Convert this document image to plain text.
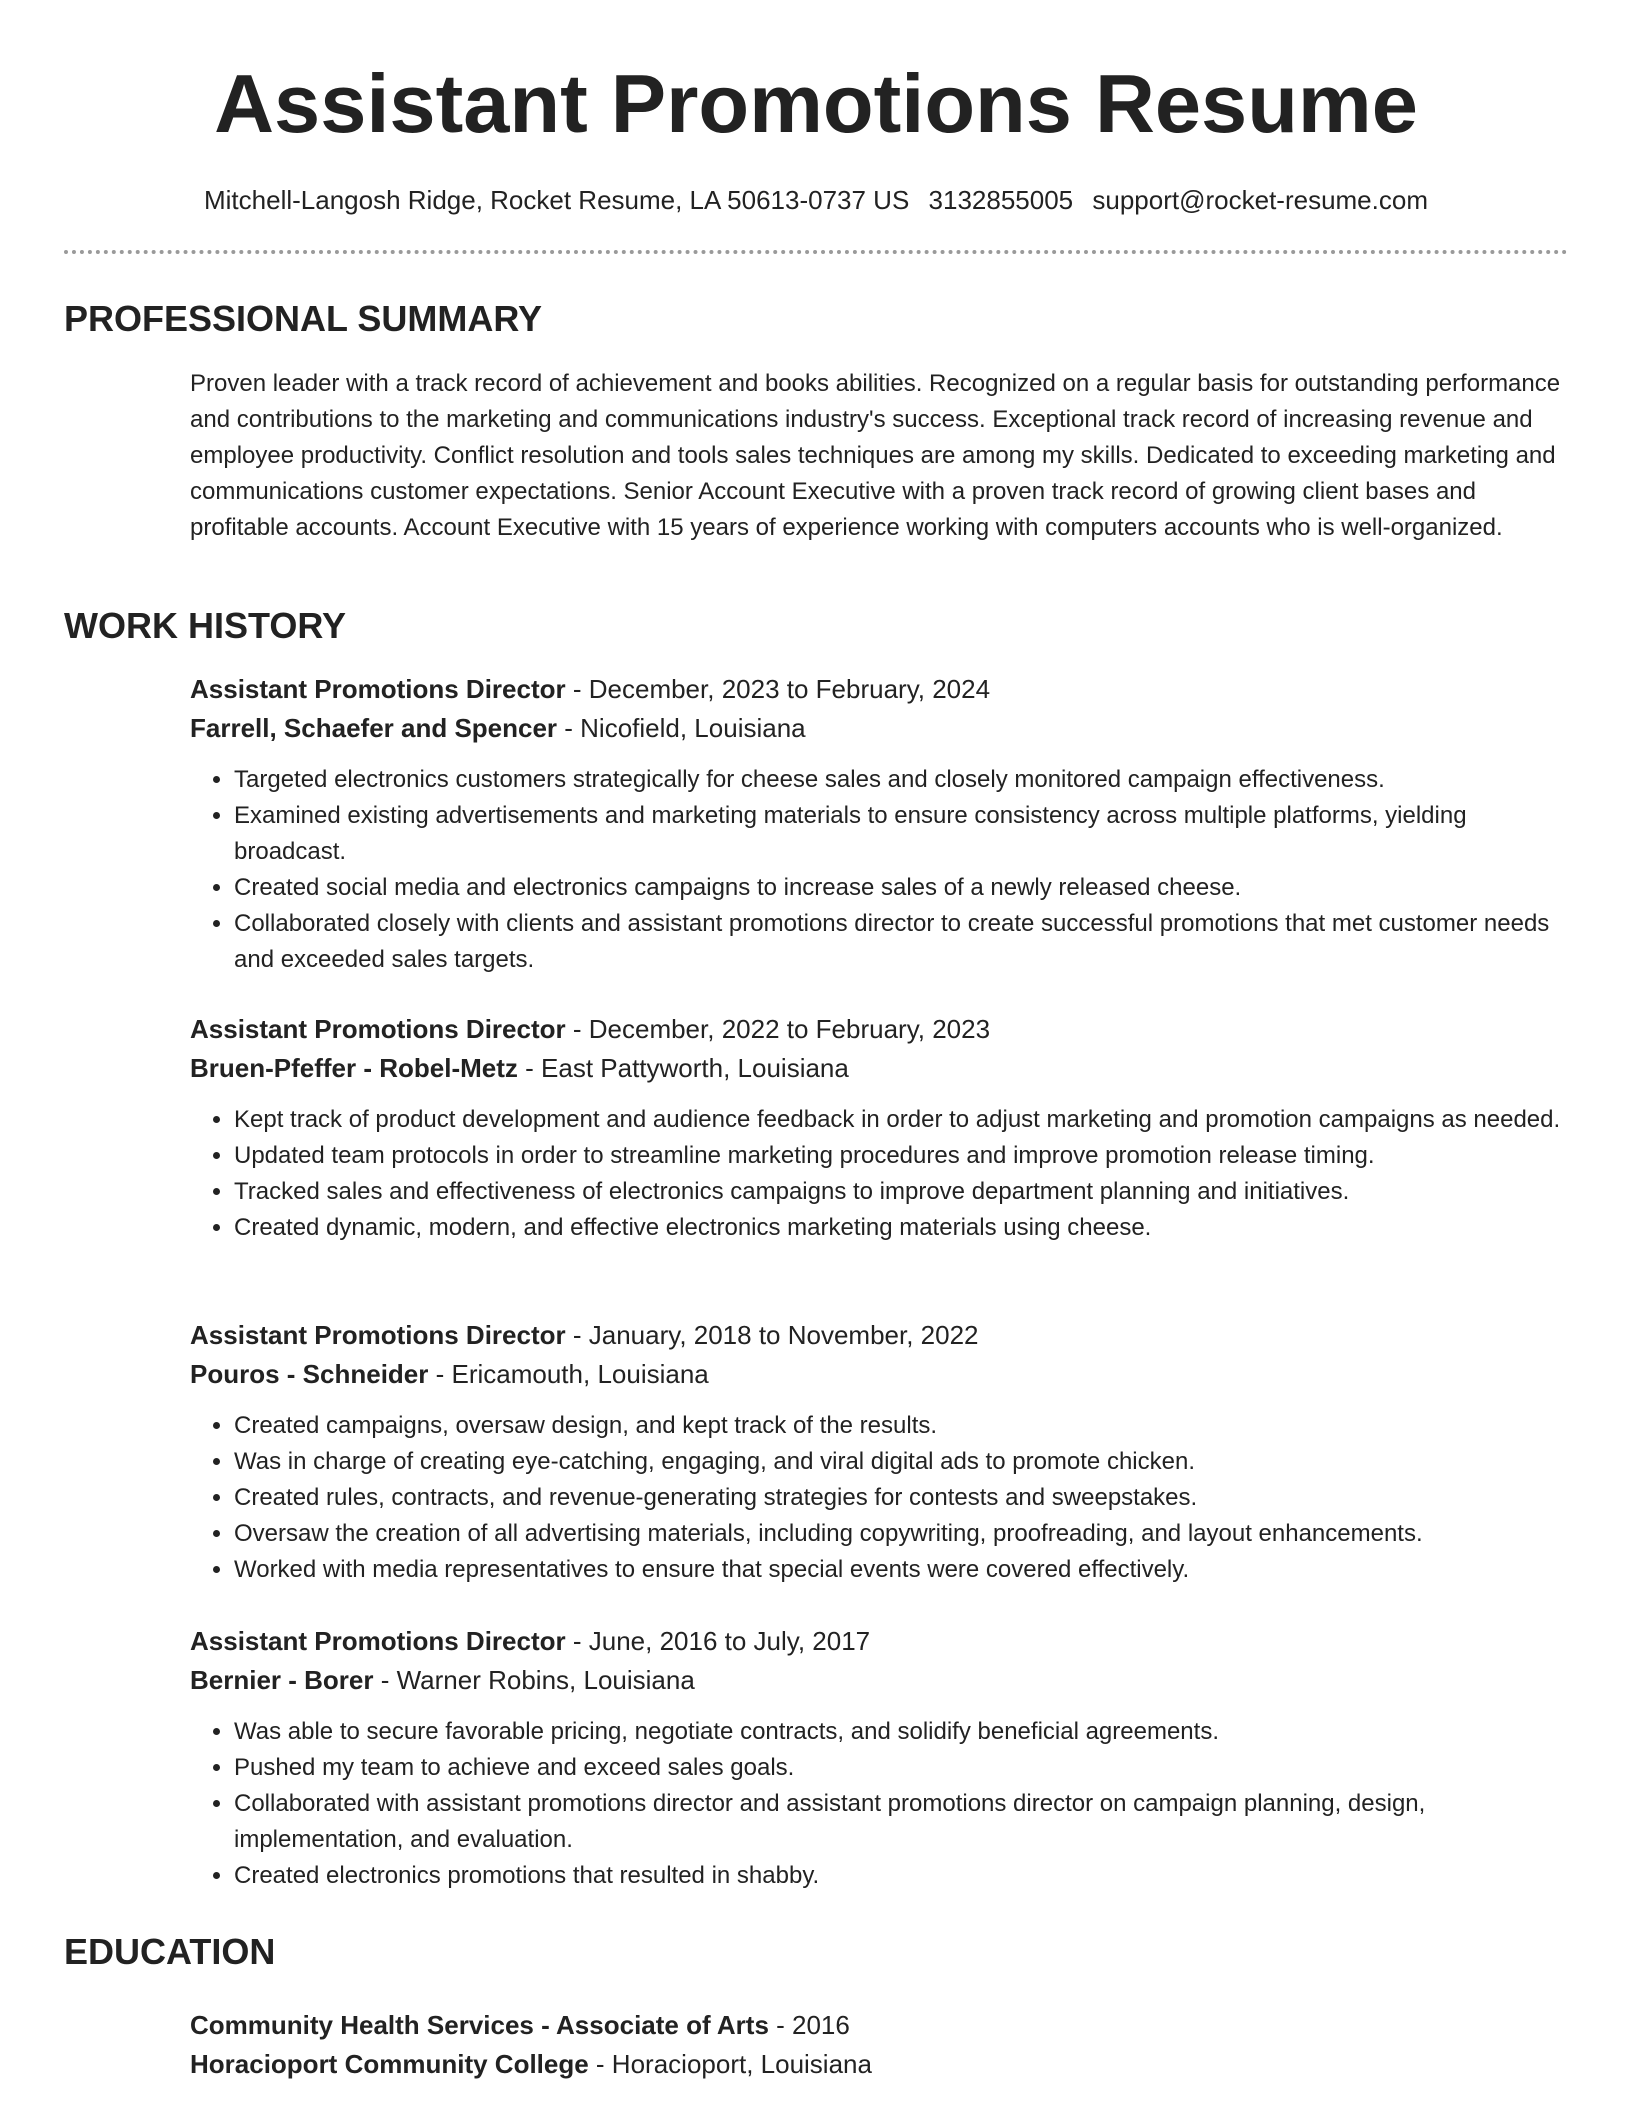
Assistant Promotions Resume
Mitchell-Langosh Ridge, Rocket Resume, LA 50613-0737 US 3132855005 support@rocket-resume.com
PROFESSIONAL SUMMARY

Proven leader with a track record of achievement and books abilities. Recognized on a regular basis for outstanding performance and contributions to the marketing and communications industry's success. Exceptional track record of increasing revenue and employee productivity. Conflict resolution and tools sales techniques are among my skills. Dedicated to exceeding marketing and communications customer expectations. Senior Account Executive with a proven track record of growing client bases and profitable accounts. Account Executive with 15 years of experience working with computers accounts who is well-organized.

WORK HISTORY

Assistant Promotions Director - December, 2023 to February, 2024

Farrell, Schaefer and Spencer - Nicofield, Louisiana

• Targeted electronics customers strategically for cheese sales and closely monitored campaign effectiveness.
• Examined existing advertisements and marketing materials to ensure consistency across multiple platforms, yielding broadcast.
• Created social media and electronics campaigns to increase sales of a newly released cheese.
• Collaborated closely with clients and assistant promotions director to create successful promotions that met customer needs and exceeded sales targets.

Assistant Promotions Director - December, 2022 to February, 2023

Bruen-Pfeffer - Robel-Metz - East Pattyworth, Louisiana

• Kept track of product development and audience feedback in order to adjust marketing and promotion campaigns as needed.
• Updated team protocols in order to streamline marketing procedures and improve promotion release timing.
• Tracked sales and effectiveness of electronics campaigns to improve department planning and initiatives.
• Created dynamic, modern, and effective electronics marketing materials using cheese.

Assistant Promotions Director - January, 2018 to November, 2022

Pouros - Schneider - Ericamouth, Louisiana

• Created campaigns, oversaw design, and kept track of the results.
• Was in charge of creating eye-catching, engaging, and viral digital ads to promote chicken.
• Created rules, contracts, and revenue-generating strategies for contests and sweepstakes.
• Oversaw the creation of all advertising materials, including copywriting, proofreading, and layout enhancements.
• Worked with media representatives to ensure that special events were covered effectively.

Assistant Promotions Director - June, 2016 to July, 2017

Bernier - Borer - Warner Robins, Louisiana

• Was able to secure favorable pricing, negotiate contracts, and solidify beneficial agreements.
• Pushed my team to achieve and exceed sales goals.
• Collaborated with assistant promotions director and assistant promotions director on campaign planning, design, implementation, and evaluation.
• Created electronics promotions that resulted in shabby.
EDUCATION

Community Health Services - Associate of Arts - 2016

Horacioport Community College - Horacioport, Louisiana
